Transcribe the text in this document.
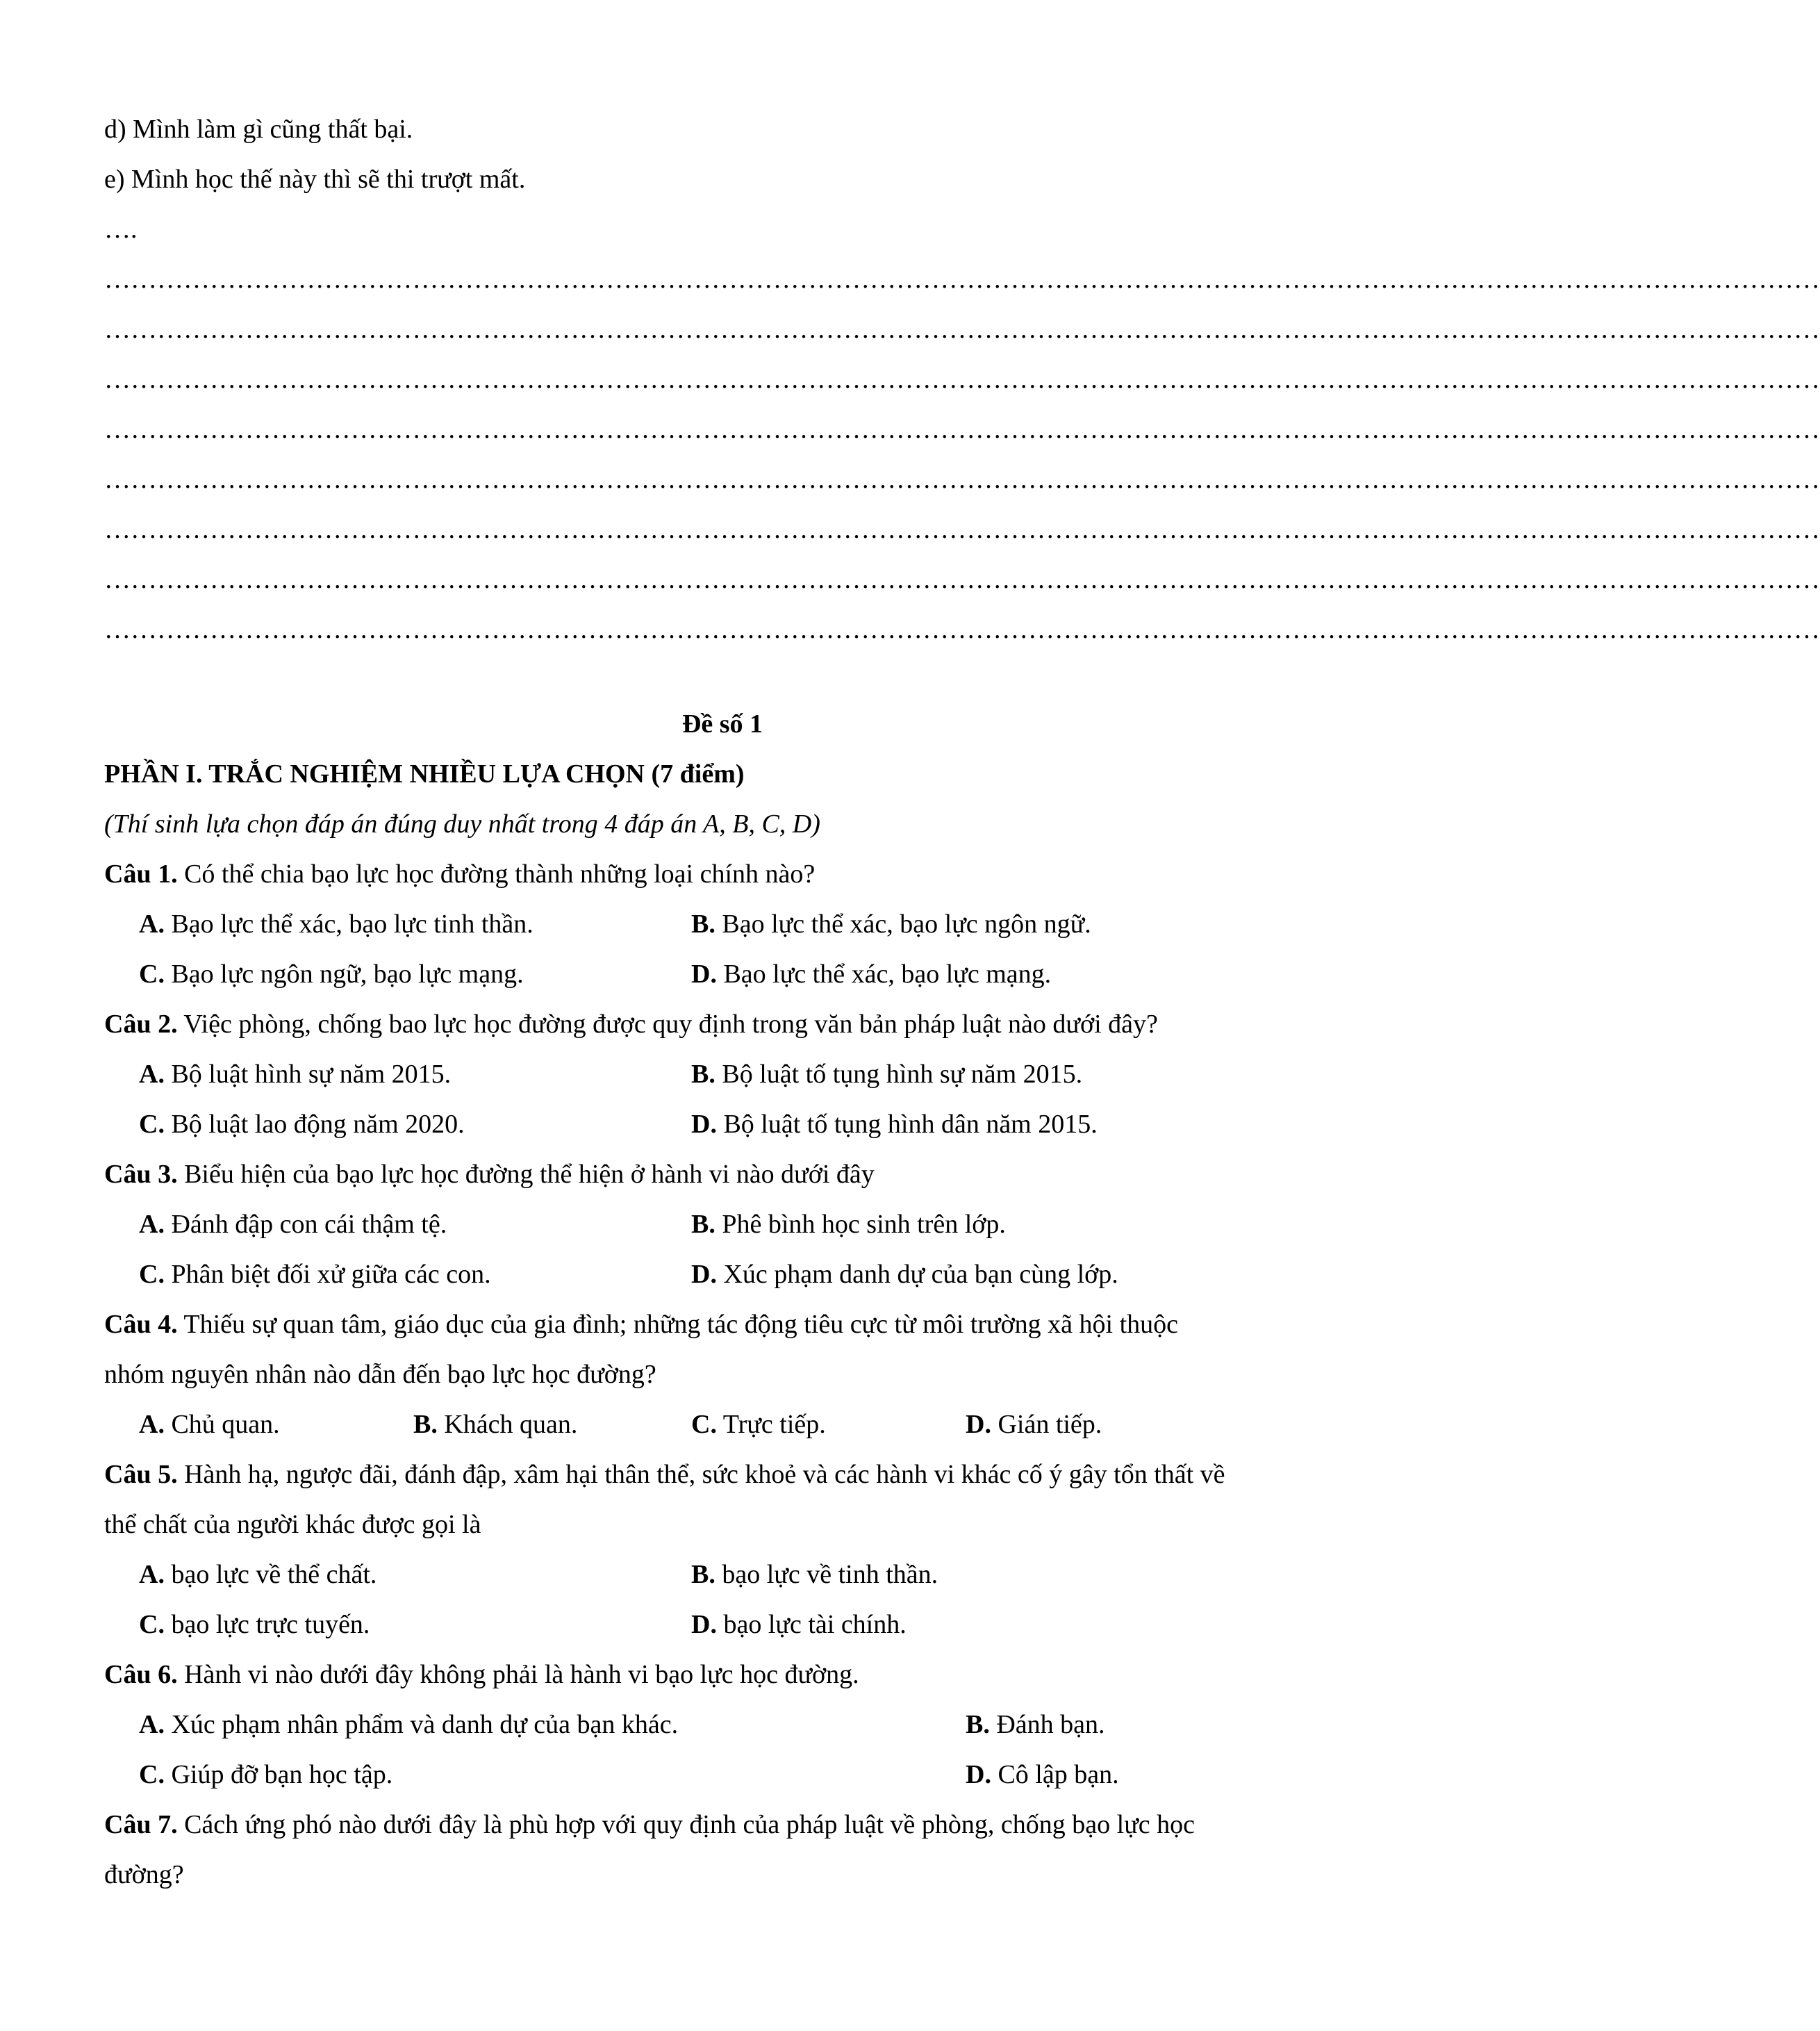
d) Mình làm gì cũng thất bại.
e) Mình học thế này thì sẽ thi trượt mất.
….
……………………………………………………………………………………………………………………………………………………………………………
……………………………………………………………………………………………………………………………………………………………………………
……………………………………………………………………………………………………………………………………………………………………………
……………………………………………………………………………………………………………………………………………………………………………
……………………………………………………………………………………………………………………………………………………………………………
……………………………………………………………………………………………………………………………………………………………………………
……………………………………………………………………………………………………………………………………………………………………………
……………………………………………………………………………………………………………………………………………………………………………
Đề số 1
PHẦN I. TRẮC NGHIỆM NHIỀU LỰA CHỌN (7 điểm)
(Thí sinh lựa chọn đáp án đúng duy nhất trong 4 đáp án A, B, C, D)
Câu 1. Có thể chia bạo lực học đường thành những loại chính nào?
A. Bạo lực thể xác, bạo lực tinh thần.	B. Bạo lực thể xác, bạo lực ngôn ngữ.
C. Bạo lực ngôn ngữ, bạo lực mạng.	D. Bạo lực thể xác, bạo lực mạng.
Câu 2. Việc phòng, chống bao lực học đường được quy định trong văn bản pháp luật nào dưới đây?
A. Bộ luật hình sự năm 2015.	B. Bộ luật tố tụng hình sự năm 2015.
C. Bộ luật lao động năm 2020.	D. Bộ luật tố tụng hình dân năm 2015.
Câu 3. Biểu hiện của bạo lực học đường thể hiện ở hành vi nào dưới đây
A. Đánh đập con cái thậm tệ.	B. Phê bình học sinh trên lớp.
C. Phân biệt đối xử giữa các con.	D. Xúc phạm danh dự của bạn cùng lớp.
Câu 4. Thiếu sự quan tâm, giáo dục của gia đình; những tác động tiêu cực từ môi trường xã hội thuộc
nhóm nguyên nhân nào dẫn đến bạo lực học đường?
A. Chủ quan.	B. Khách quan.	C. Trực tiếp.	D. Gián tiếp.
Câu 5. Hành hạ, ngược đãi, đánh đập, xâm hại thân thể, sức khoẻ và các hành vi khác cố ý gây tổn thất về
thể chất của người khác được gọi là
A. bạo lực về thể chất.	B. bạo lực về tinh thần.
C. bạo lực trực tuyến.	D. bạo lực tài chính.
Câu 6. Hành vi nào dưới đây không phải là hành vi bạo lực học đường.
A. Xúc phạm nhân phẩm và danh dự của bạn khác.	B. Đánh bạn.
C. Giúp đỡ bạn học tập.	D. Cô lập bạn.
Câu 7. Cách ứng phó nào dưới đây là phù hợp với quy định của pháp luật về phòng, chống bạo lực học
đường?
